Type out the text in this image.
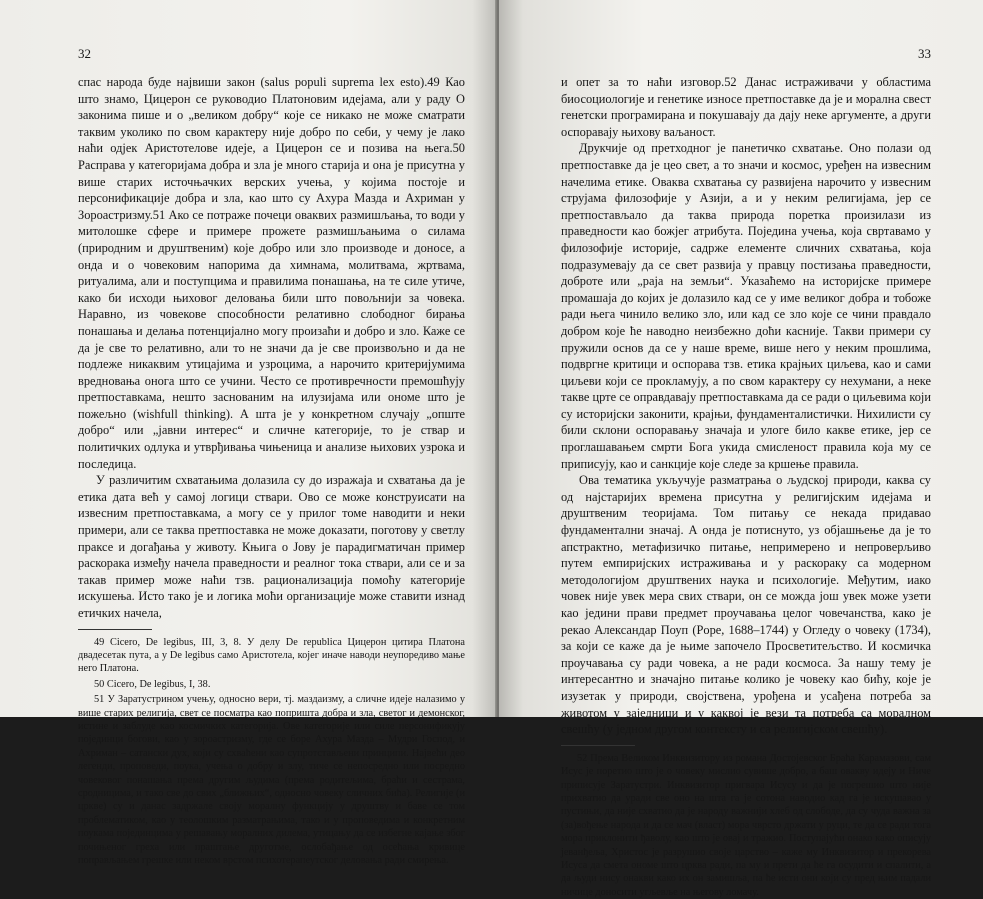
32

спас народа буде највиши закон (salus populi suprema lex esto).49 Као што знамо, Цицерон се руководио Платоновим идејама, али у раду О законима пише и о „великом добру“ које се никако не може сматрати таквим уколико по свом карактеру није добро по себи, у чему је лако наћи одјек Аристотелове идеје, а Цицерон се и позива на њега.50 Расправа у категоријама добра и зла је много старија и она је присутна у више старих источњачких верских учења, у којима постоје и персонификације добра и зла, као што су Ахура Мазда и Ахриман у Зороастризму.51 Ако се потраже почеци оваквих размишљања, то води у митолошке сфере и примере прожете размишљањима о силама (природним и друштвеним) које добро или зло производе и доносе, а онда и о човековим напорима да химнама, молитвама, жртвама, ритуалима, али и поступцима и правилима понашања, на те силе утиче, како би исходи њиховог деловања били што повољнији за човека. Наравно, из човекове способности релативно слободног бирања понашања и делања потенцијално могу произаћи и добро и зло. Каже се да је све то релативно, али то не значи да је све произвољно и да не подлеже никаквим утицајима и узроцима, а нарочито критеријумима вредновања онога што се учини. Често се противречности премошћују претпоставкама, нешто заснованим на илузијама или ономе што је пожељно (wishfull thinking). А шта је у конкретном случају „опште добро“ или „јавни интерес“ и сличне категорије, то је ствар и политичких одлука и утврђивања чињеница и анализе њихових узрока и последица.

У различитим схватањима долазила су до изражаја и схватања да је етика дата већ у самој логици ствари. Ово се може конструисати на извесним претпоставкама, а могу се у прилог томе наводити и неки примери, али се таква претпоставка не може доказати, поготову у светлу праксе и догађања у животу. Књига о Јову је парадигматичан пример раскорака између начела праведности и реалног тока ствари, али се и за такав пример може наћи тзв. рационализација помоћу категорије искушења. Исто тако је и логика моћи организације може ставити изнад етичких начела,

49 Cicero, De legibus, III, 3, 8. У делу De republica Цицерон цитира Платона двадесетак пута, а у De legibus само Аристотела, којег иначе наводи неупоредиво мање него Платона.

50 Cicero, De legibus, I, 38.

51 У Заратустрином учењу, односно вери, тј. маздаизму, а сличне идеје налазимо у више старих религија, свет се посматра као попришта добра и зла, светог и демонског, истине и заблуде као космичких категорија. Ове категорије или силе персонификују појединци богови, као у зороастризму, где се боре Ахура Мазда – Мудри Господ, и Ахриман – сатански дух, који су схваћени као супротстављени принципи. Највећи део легенди, проповеди, поука, учења о добру и злу, тиче се непосредно или посредно човековог понашања према другим људима (према родитељима, браћи и сестрама, сродницима, и тако све до свих „ближњих“, односно човеку сличних бића). Религије (и цркве) су и данас задржале своју моралну функцију у друштву и баве се том проблематиком, као у теолошким разматрањима, тако и у проповедима и конкретним поукама појединцима у решавању моралних дилема, утицању да се избегне кајање због почињеног греха или праштање друготме, ослобађање од осећања кривице поправљањем грешке или неком врстом психотерапеутског деловања ради смирења.

33

и опет за то наћи изговор.52 Данас истраживачи у областима биосоциологије и генетике износе претпоставке да је и морална свест генетски програмирана и покушавају да дају неке аргументе, а други оспоравају њихову ваљаност.

Друкчије од претходног је панетичко схватање. Оно полази од претпоставке да је цео свет, а то значи и космос, уређен на извесним начелима етике. Оваква схватања су развијена нарочито у извесним струјама филозофије у Азији, а и у неким религијама, јер се претпостављало да таква природа поретка произилази из праведности као божјег атрибута. Поједина учења, која свртавамо у филозофије историје, садрже елементе сличних схватања, која подразумевају да се свет развија у правцу постизања праведности, доброте или „раја на земљи“. Указаћемо на историјске примере промашаја до којих је долазило кад се у име великог добра и тобоже ради њега чинило велико зло, или кад се зло које се чини правдало добром које ће наводно неизбежно доћи касније. Такви примери су пружили основ да се у наше време, више него у неким прошлима, подвргне критици и оспорава тзв. етика крајњих циљева, као и сами циљеви који се прокламују, а по свом карактеру су нехумани, а неке такве црте се оправдавају претпоставкама да се ради о циљевима који су историјски законити, крајњи, фундаменталистички. Нихилисти су били склони оспоравању значаја и улоге било какве етике, јер се проглашавањем смрти Бога укида смисленост правила која му се приписују, као и санкције које следе за кршење правила.

Ова тематика укључује разматрања о људској природи, каква су од најстаријих времена присутна у религијским идејама и друштвеним теоријама. Том питању се некада придавао фундаментални значај. А онда је потиснуто, уз објашњење да је то апстрактно, метафизичко питање, непримерено и непроверљиво путем емпиријских истраживања и у раскораку са модерном методологијом друштвених наука и психологије. Међутим, иако човек није увек мера свих ствари, он се можда још увек може узети као једини прави предмет проучавања целог човечанства, како је рекао Александар Поуп (Pope, 1688–1744) у Огледу о човеку (1734), за који се каже да је њиме започело Просветитељство. И космичка проучавања су ради човека, а не ради космоса. За нашу тему је интересантно и значајно питање колико је човеку као бићу, које је изузетак у природи, својствена, урођена и усађена потреба за животом у заједници и у каквој је вези та потреба са моралном свешћу (у једном другом контексту и са религијском свешћу).

52 Према Великом Инквизитору из романа Достојевског Браћа Карамазови, сам Исус је поретио што је о човеку мислио сувише добро, а баш овакву идеју и Ниче приписује Заратустри. Инквизитор пригвара Исусу и да је погрешио што није прихватио да уради све оно на шта га је сотона наводио кад га је искушавао у пустињи, да није схватио да је народу важнији хлеб од слободе, да су чуда важна за (за)вођење народа и да се мач (власт) мора чврсто држати у руци, те да се ради тога мора приклонити ђаволу, као што је овај и тражио. Поступајући онако како описују јеванђеља, Христос је разрушио своје царство – каже му Инквизитор и прекорева Исуса да смета ономе што црква ради, па му и прети да ће га осудити и спалити, а да људи нису онакви како их он замишља, па ће исти они који су пред њим падали ничице доносити угљевље на његову ломачу.
